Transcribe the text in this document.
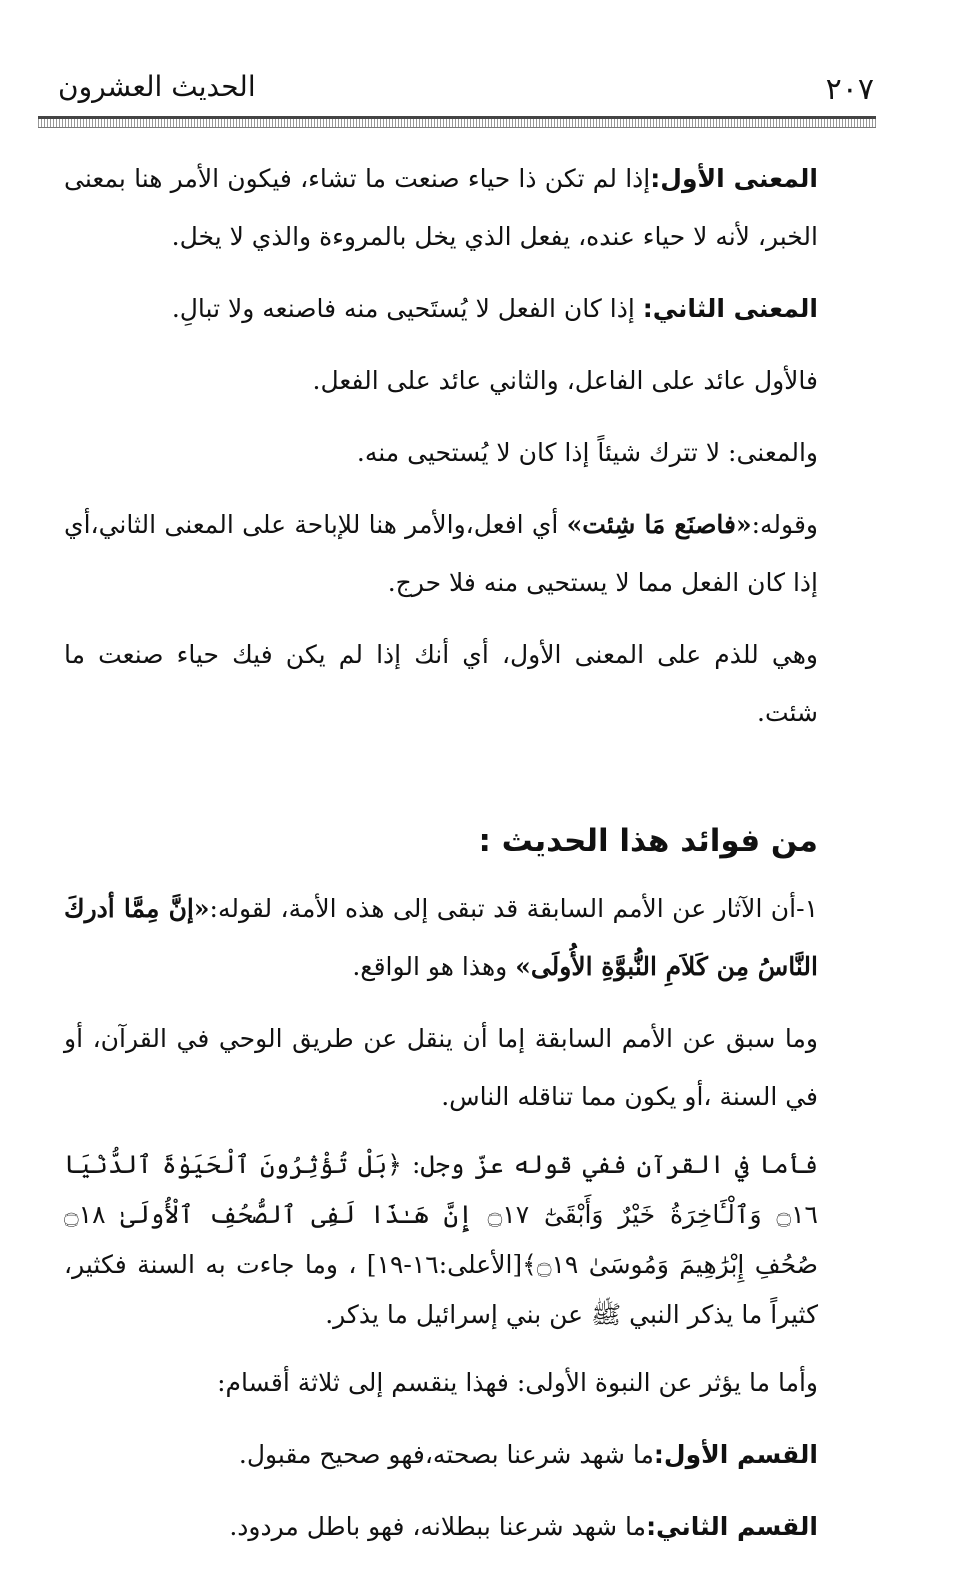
٢٠٧
الحديث العشرون

المعنى الأول:إذا لم تكن ذا حياء صنعت ما تشاء، فيكون الأمر هنا بمعنى الخبر، لأنه لا حياء عنده، يفعل الذي يخل بالمروءة والذي لا يخل.

المعنى الثاني: إذا كان الفعل لا يُستَحيى منه فاصنعه ولا تبالِ.

فالأول عائد على الفاعل، والثاني عائد على الفعل.

والمعنى: لا تترك شيئاً إذا كان لا يُستحيى منه.

وقوله:«فاصنَع مَا شِئت» أي افعل،والأمر هنا للإباحة على المعنى الثاني،أي إذا كان الفعل مما لا يستحيى منه فلا حرج.

وهي للذم على المعنى الأول، أي أنك إذا لم يكن فيك حياء صنعت ما شئت.

من فوائد هذا الحديث :

١-أن الآثار عن الأمم السابقة قد تبقى إلى هذه الأمة، لقوله:«إنَّ مِمَّا أدركَ النَّاسُ مِن كَلاَمِ النُّبوَّةِ الأُولَى» وهذا هو الواقع.

وما سبق عن الأمم السابقة إما أن ينقل عن طريق الوحي في القرآن، أو في السنة ،أو يكون مما تناقله الناس.

فأما في القرآن ففي قوله عزّ وجل: ﴿بَلْ تُؤْثِرُونَ ٱلْحَيَوٰةَ ٱلدُّنْيَا ۝١٦ وَٱلْـَٔاخِرَةُ خَيْرٌ وَأَبْقَىٰٓ ۝١٧ إِنَّ هَـٰذَا لَفِى ٱلصُّحُفِ ٱلْأُولَىٰ ۝١٨ صُحُفِ إِبْرَٰهِيمَ وَمُوسَىٰ ۝١٩﴾[الأعلى:١٦-١٩] ، وما جاءت به السنة فكثير، كثيراً ما يذكر النبي ﷺ عن بني إسرائيل ما يذكر.

وأما ما يؤثر عن النبوة الأولى: فهذا ينقسم إلى ثلاثة أقسام:

القسم الأول:ما شهد شرعنا بصحته،فهو صحيح مقبول.

القسم الثاني:ما شهد شرعنا ببطلانه، فهو باطل مردود.
